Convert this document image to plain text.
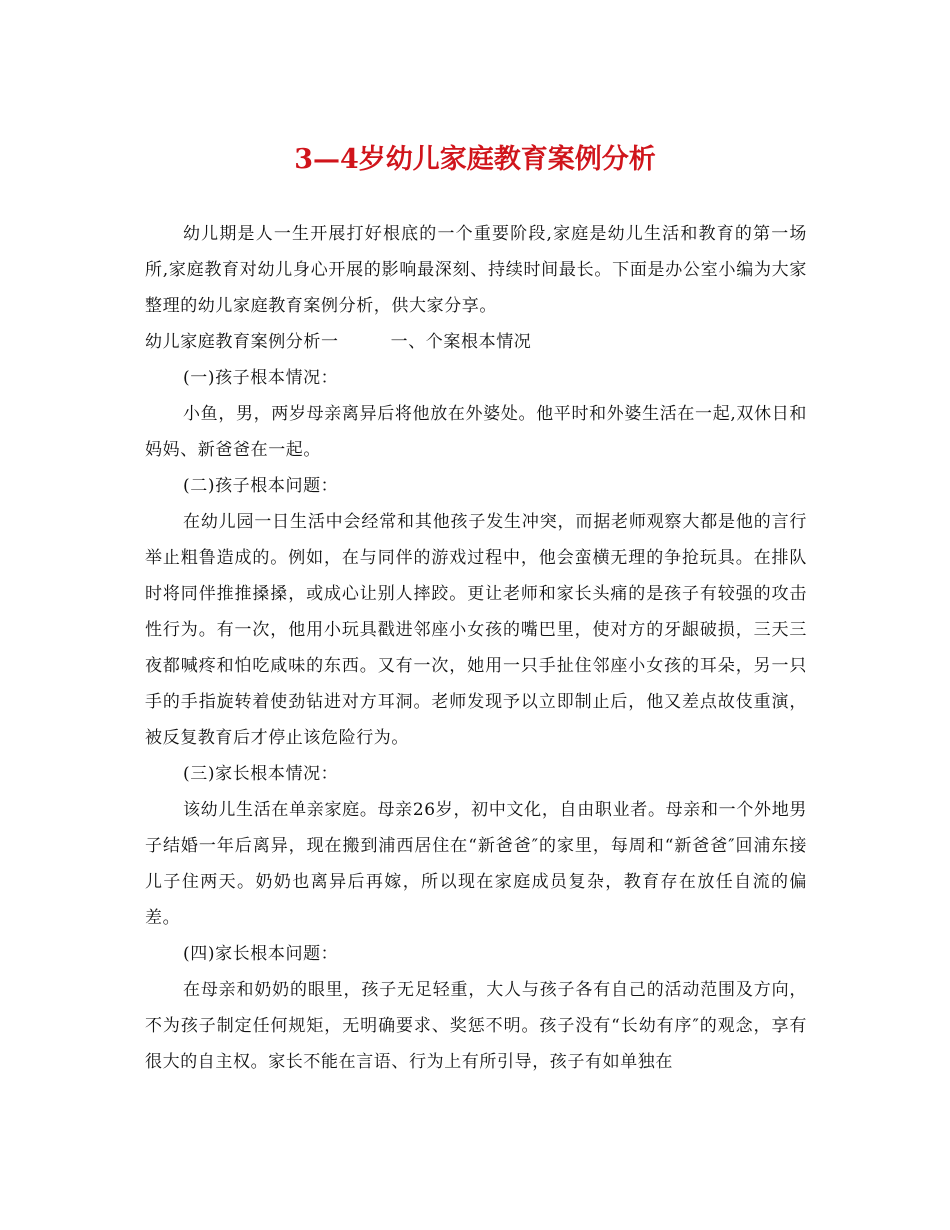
3—4岁幼儿家庭教育案例分析

幼儿期是人一生开展打好根底的一个重要阶段,家庭是幼儿生活和教育的第一场所,家庭教育对幼儿身心开展的影响最深刻、持续时间最长。下面是办公室小编为大家整理的幼儿家庭教育案例分析，供大家分享。

幼儿家庭教育案例分析一	一、个案根本情况

(一)孩子根本情况：

小鱼，男，两岁母亲离异后将他放在外婆处。他平时和外婆生活在一起,双休日和妈妈、新爸爸在一起。

(二)孩子根本问题：

在幼儿园一日生活中会经常和其他孩子发生冲突，而据老师观察大都是他的言行举止粗鲁造成的。例如，在与同伴的游戏过程中，他会蛮横无理的争抢玩具。在排队时将同伴推推搡搡，或成心让别人摔跤。更让老师和家长头痛的是孩子有较强的攻击性行为。有一次，他用小玩具戳进邻座小女孩的嘴巴里，使对方的牙龈破损，三天三夜都喊疼和怕吃咸味的东西。又有一次，她用一只手扯住邻座小女孩的耳朵，另一只手的手指旋转着使劲钻进对方耳洞。老师发现予以立即制止后，他又差点故伎重演，被反复教育后才停止该危险行为。

(三)家长根本情况：

该幼儿生活在单亲家庭。母亲26岁，初中文化，自由职业者。母亲和一个外地男子结婚一年后离异，现在搬到浦西居住在“新爸爸″的家里，每周和“新爸爸″回浦东接儿子住两天。奶奶也离异后再嫁，所以现在家庭成员复杂，教育存在放任自流的偏差。

(四)家长根本问题：

在母亲和奶奶的眼里，孩子无足轻重，大人与孩子各有自己的活动范围及方向，不为孩子制定任何规矩，无明确要求、奖惩不明。孩子没有“长幼有序″的观念，享有很大的自主权。家长不能在言语、行为上有所引导，孩子有如单独在
